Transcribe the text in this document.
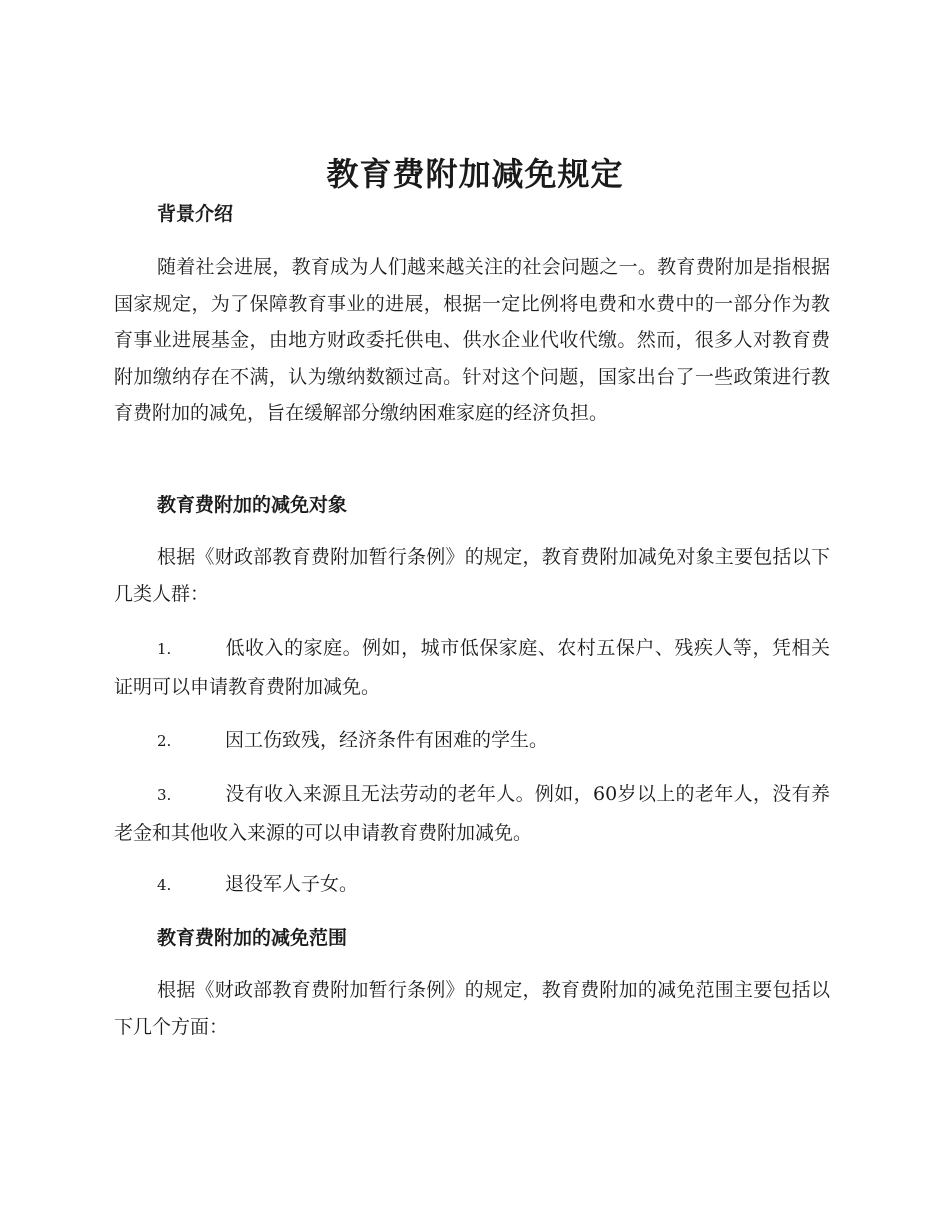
教育费附加减免规定
背景介绍

随着社会进展，教育成为人们越来越关注的社会问题之一。教育费附加是指根据国家规定，为了保障教育事业的进展，根据一定比例将电费和水费中的一部分作为教育事业进展基金，由地方财政委托供电、供水企业代收代缴。然而，很多人对教育费附加缴纳存在不满，认为缴纳数额过高。针对这个问题，国家出台了一些政策进行教育费附加的减免，旨在缓解部分缴纳困难家庭的经济负担。

教育费附加的减免对象

根据《财政部教育费附加暂行条例》的规定，教育费附加减免对象主要包括以下几类人群：

1.	低收入的家庭。例如，城市低保家庭、农村五保户、残疾人等，凭相关证明可以申请教育费附加减免。
2.	因工伤致残，经济条件有困难的学生。
3.	没有收入来源且无法劳动的老年人。例如，60岁以上的老年人，没有养老金和其他收入来源的可以申请教育费附加减免。
4.	退役军人子女。
教育费附加的减免范围

根据《财政部教育费附加暂行条例》的规定，教育费附加的减免范围主要包括以下几个方面：
